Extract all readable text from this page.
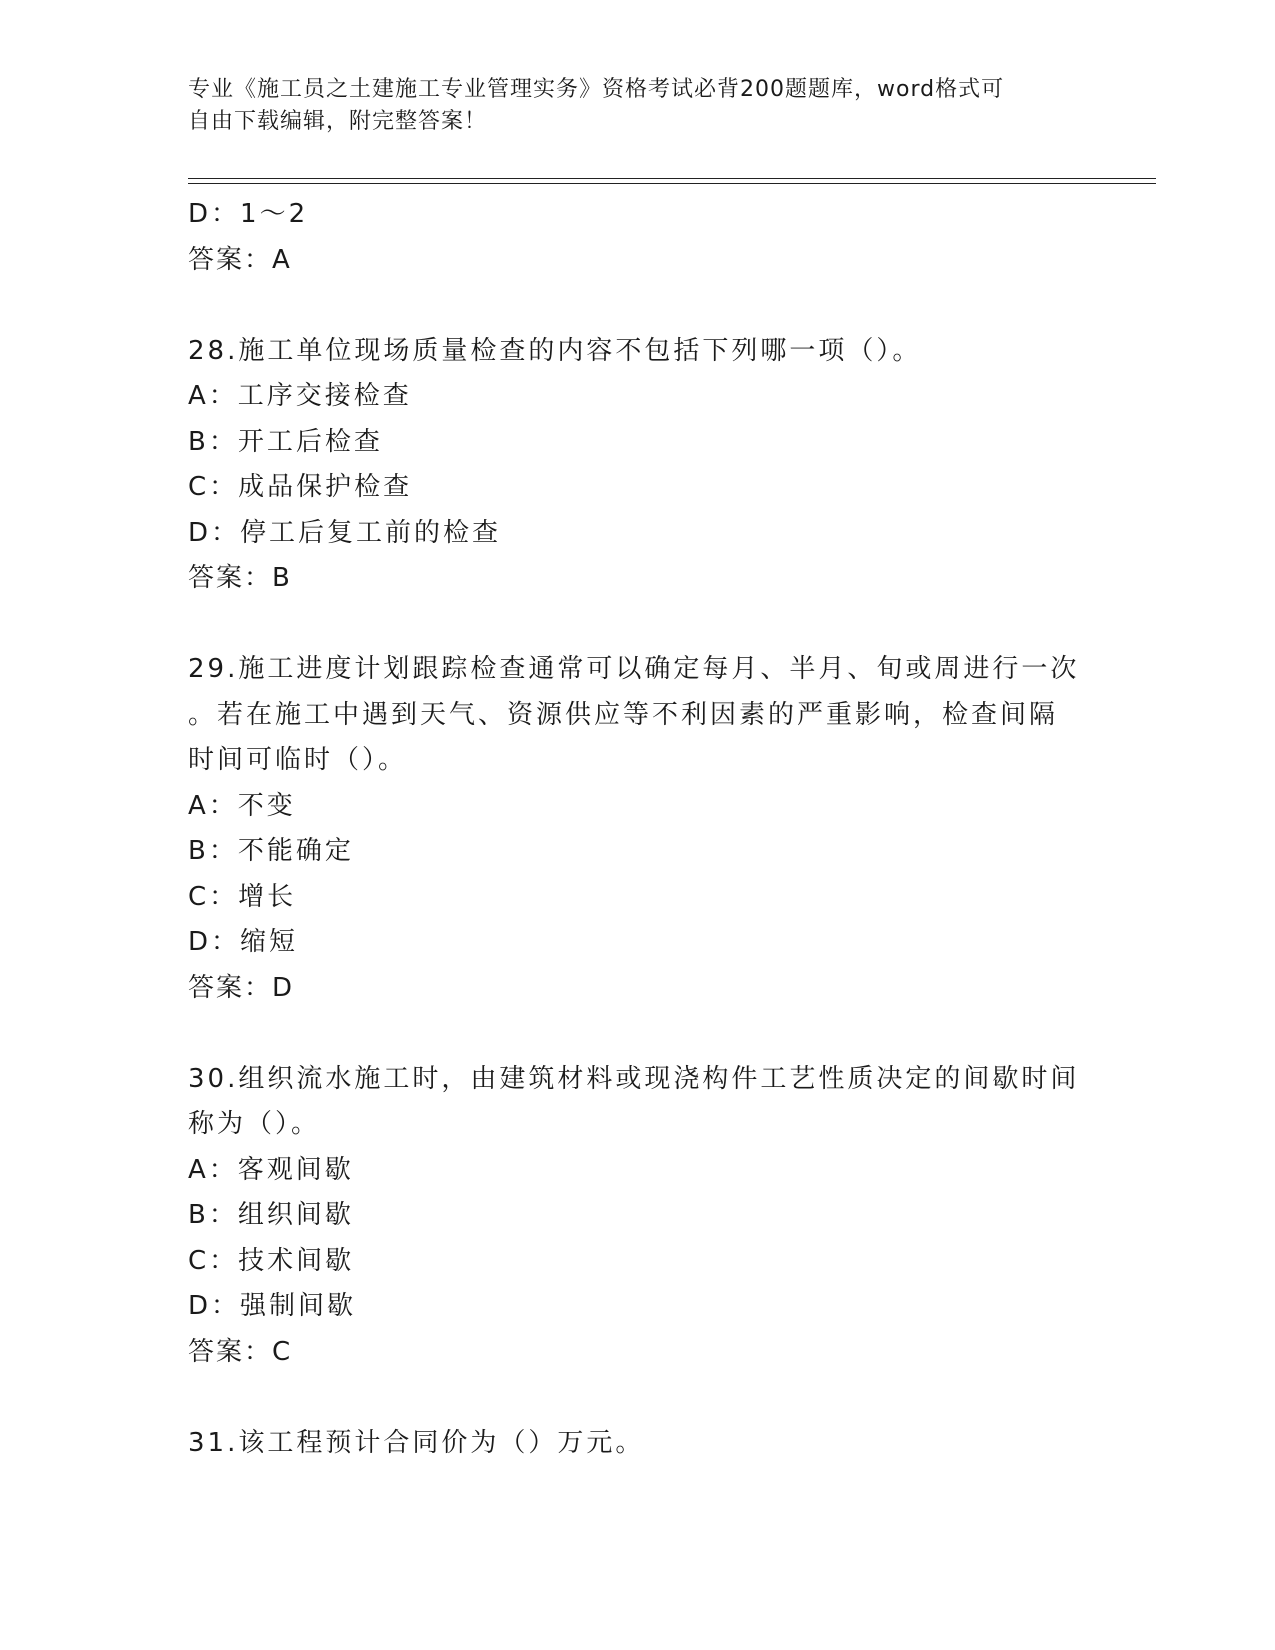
专业《施工员之土建施工专业管理实务》资格考试必背200题题库，word格式可
自由下载编辑，附完整答案！
D：1～2
答案：A
28.施工单位现场质量检查的内容不包括下列哪一项（）。
A：工序交接检查
B：开工后检查
C：成品保护检查
D：停工后复工前的检查
答案：B
29.施工进度计划跟踪检查通常可以确定每月、半月、旬或周进行一次
。若在施工中遇到天气、资源供应等不利因素的严重影响，检查间隔
时间可临时（）。
A：不变
B：不能确定
C：增长
D：缩短
答案：D
30.组织流水施工时，由建筑材料或现浇构件工艺性质决定的间歇时间
称为（）。
A：客观间歇
B：组织间歇
C：技术间歇
D：强制间歇
答案：C
31.该工程预计合同价为（）万元。
